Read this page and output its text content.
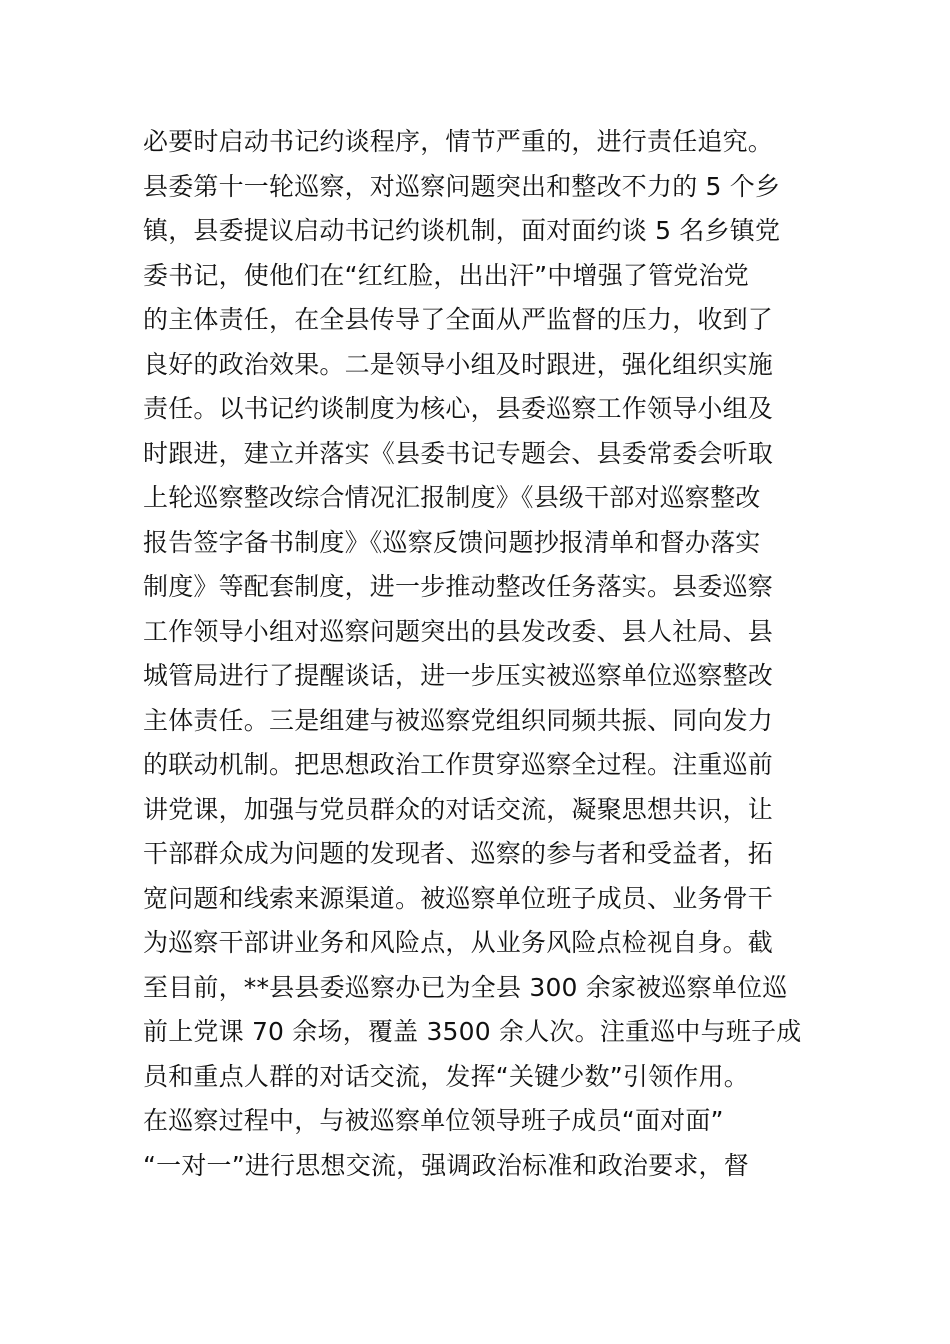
必要时启动书记约谈程序，情节严重的，进行责任追究。
县委第十一轮巡察，对巡察问题突出和整改不力的 5 个乡
镇，县委提议启动书记约谈机制，面对面约谈 5 名乡镇党
委书记，使他们在“红红脸，出出汗”中增强了管党治党
的主体责任，在全县传导了全面从严监督的压力，收到了
良好的政治效果。二是领导小组及时跟进，强化组织实施
责任。以书记约谈制度为核心，县委巡察工作领导小组及
时跟进，建立并落实《县委书记专题会、县委常委会听取
上轮巡察整改综合情况汇报制度》《县级干部对巡察整改
报告签字备书制度》《巡察反馈问题抄报清单和督办落实
制度》等配套制度，进一步推动整改任务落实。县委巡察
工作领导小组对巡察问题突出的县发改委、县人社局、县
城管局进行了提醒谈话，进一步压实被巡察单位巡察整改
主体责任。三是组建与被巡察党组织同频共振、同向发力
的联动机制。把思想政治工作贯穿巡察全过程。注重巡前
讲党课，加强与党员群众的对话交流，凝聚思想共识，让
干部群众成为问题的发现者、巡察的参与者和受益者，拓
宽问题和线索来源渠道。被巡察单位班子成员、业务骨干
为巡察干部讲业务和风险点，从业务风险点检视自身。截
至目前，**县县委巡察办已为全县 300 余家被巡察单位巡
前上党课 70 余场，覆盖 3500 余人次。注重巡中与班子成
员和重点人群的对话交流，发挥“关键少数”引领作用。
在巡察过程中，与被巡察单位领导班子成员“面对面”
“一对一”进行思想交流，强调政治标准和政治要求，督
